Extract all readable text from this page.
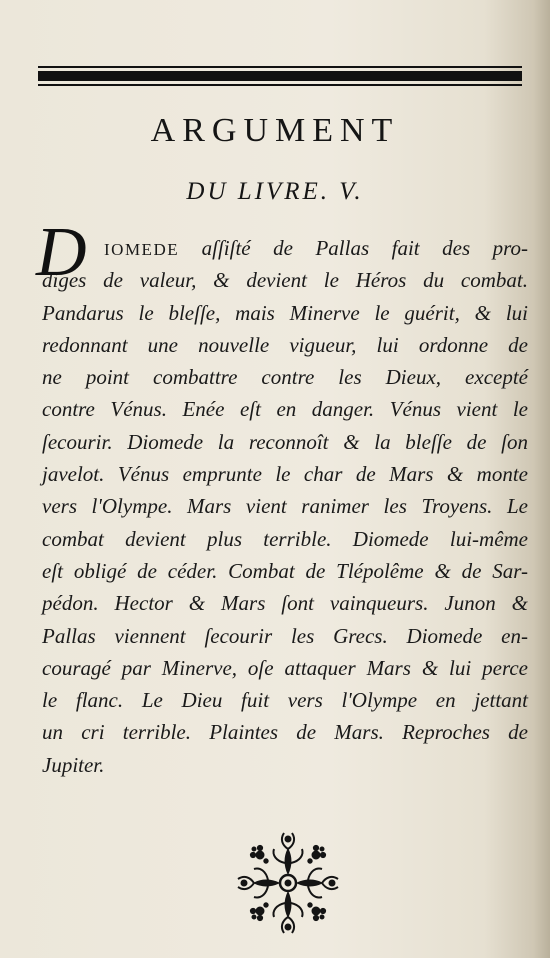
ARGUMENT
DU LIVRE. V.
D IOMEDE aſſiſté de Pallas fait des pro-
diges de valeur, & devient le Héros du combat.
Pandarus le bleſſe, mais Minerve le guérit, & lui
redonnant une nouvelle vigueur, lui ordonne de
ne point combattre contre les Dieux, excepté
contre Vénus. Enée eſt en danger. Vénus vient le
ſecourir. Diomede la reconnoît & la bleſſe de ſon
javelot. Vénus emprunte le char de Mars & monte
vers l'Olympe. Mars vient ranimer les Troyens. Le
combat devient plus terrible. Diomede lui-même
eſt obligé de céder. Combat de Tlépolême & de Sar-
pédon. Hector & Mars ſont vainqueurs. Junon &
Pallas viennent ſecourir les Grecs. Diomede en-
couragé par Minerve, oſe attaquer Mars & lui perce
le flanc. Le Dieu fuit vers l'Olympe en jettant
un cri terrible. Plaintes de Mars. Reproches de
Jupiter.
